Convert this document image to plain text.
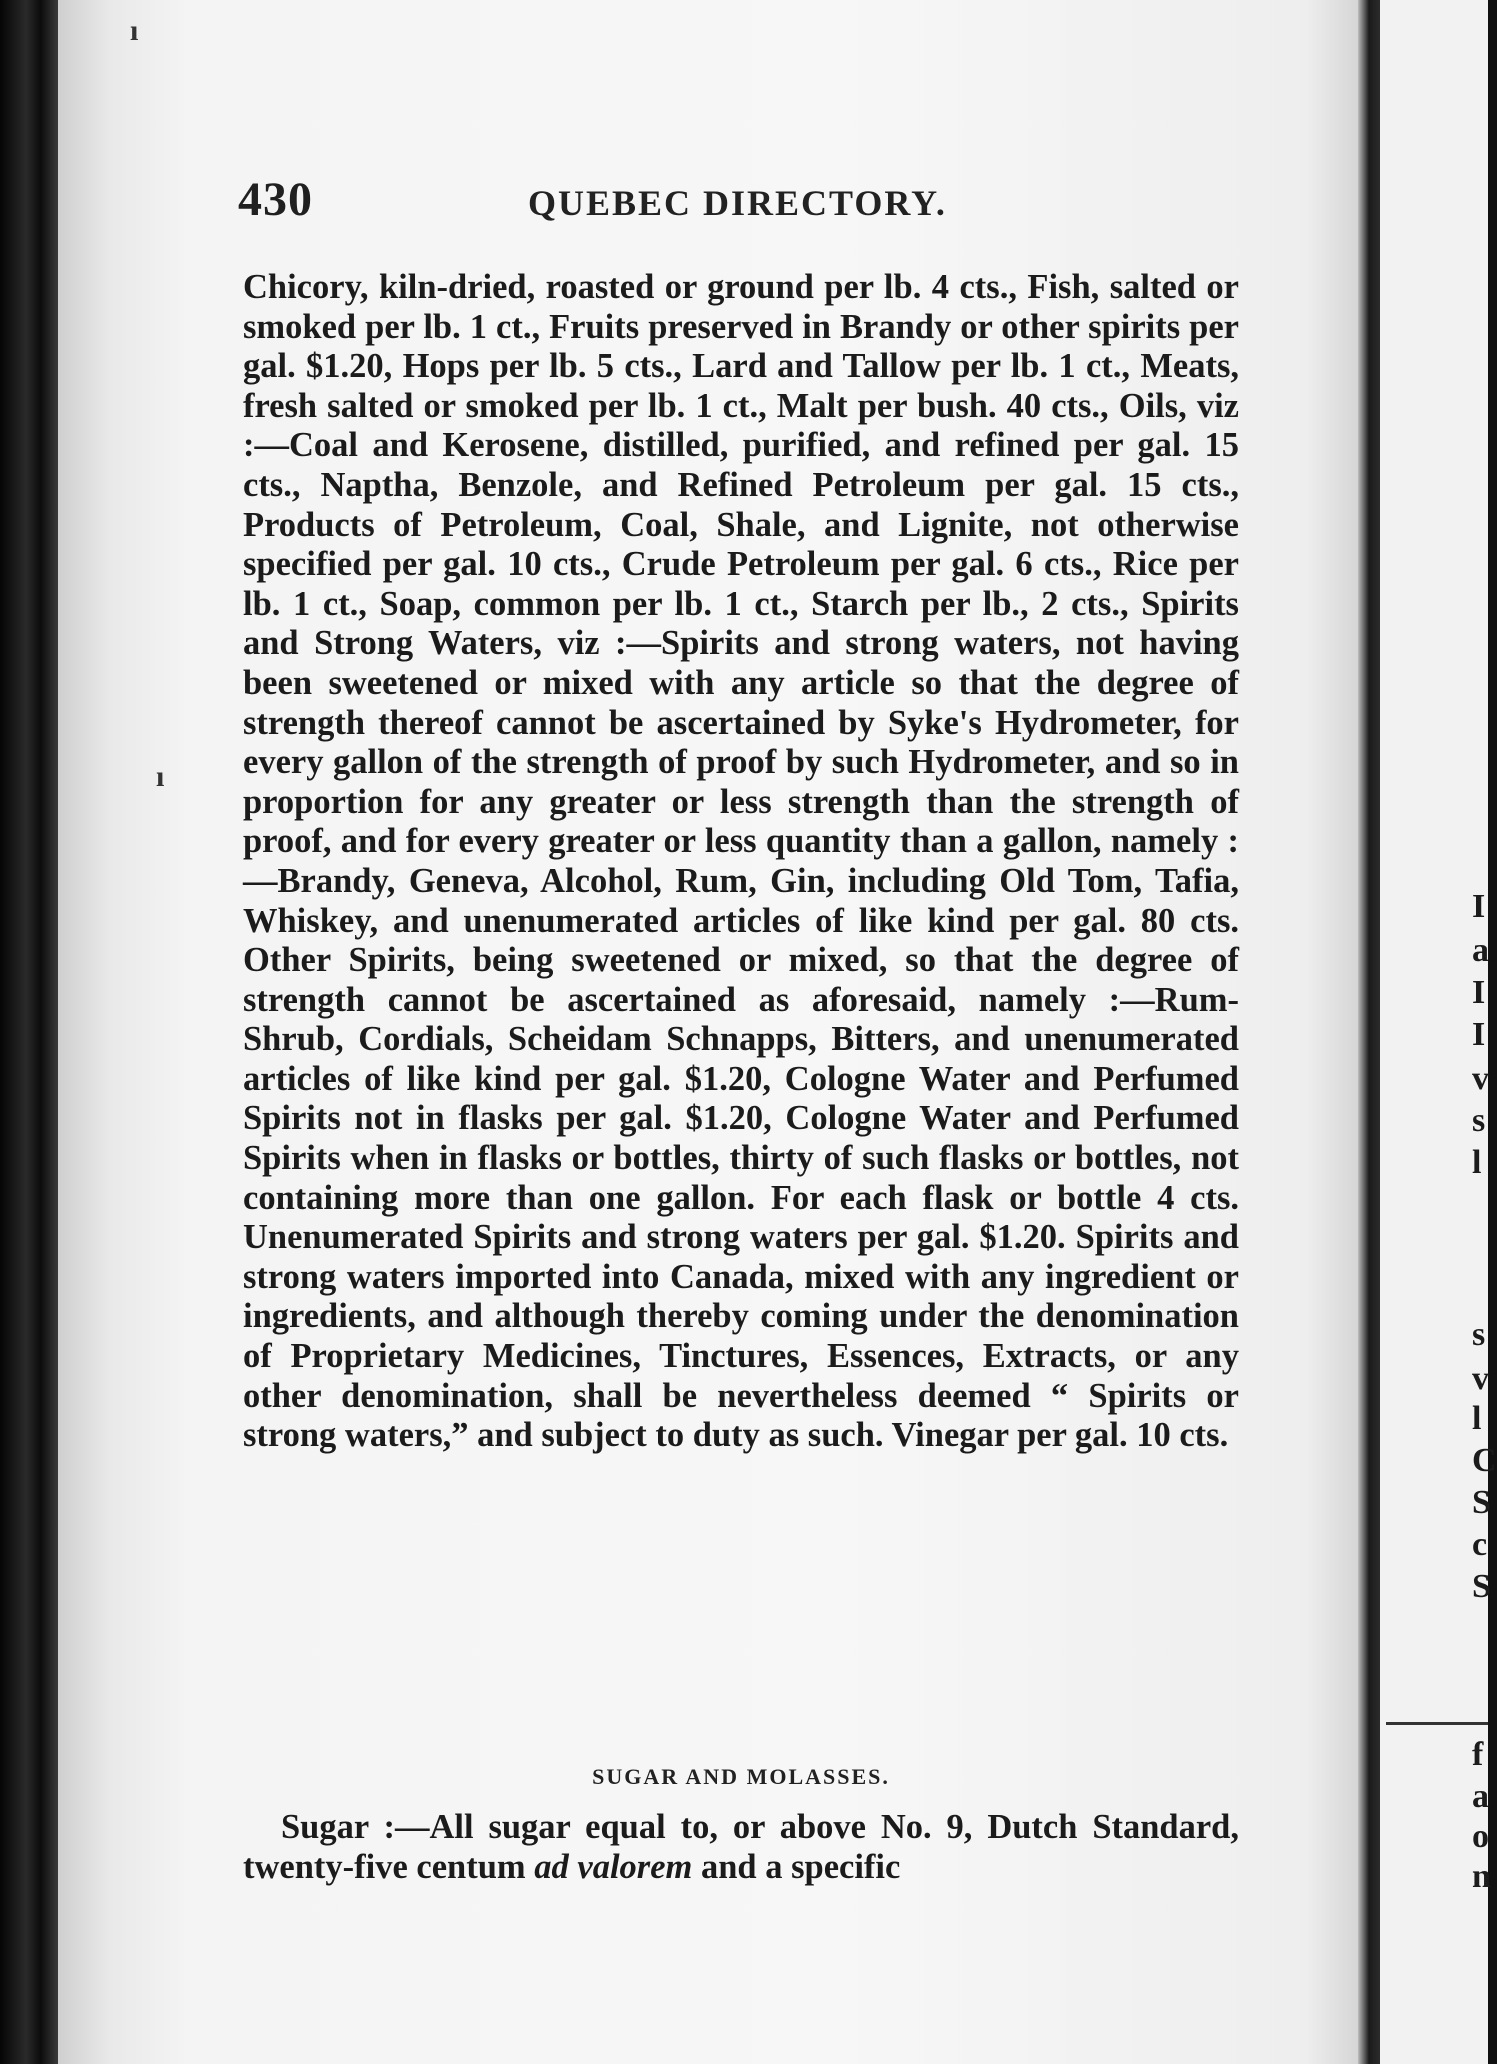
430	QUEBEC DIRECTORY.

Chicory, kiln-dried, roasted or ground per lb. 4 cts., Fish, salted or smoked per lb. 1 ct., Fruits preserved in Brandy or other spirits per gal. $1.20, Hops per lb. 5 cts., Lard and Tallow per lb. 1 ct., Meats, fresh salted or smoked per lb. 1 ct., Malt per bush. 40 cts., Oils, viz :—Coal and Kerosene, distilled, purified, and refined per gal. 15 cts., Naptha, Benzole, and Refined Petroleum per gal. 15 cts., Products of Petroleum, Coal, Shale, and Lignite, not otherwise specified per gal. 10 cts., Crude Petroleum per gal. 6 cts., Rice per lb. 1 ct., Soap, common per lb. 1 ct., Starch per lb., 2 cts., Spirits and Strong Waters, viz :—Spirits and strong waters, not having been sweetened or mixed with any article so that the degree of strength thereof cannot be ascertained by Syke's Hydrometer, for every gallon of the strength of proof by such Hydrometer, and so in proportion for any greater or less strength than the strength of proof, and for every greater or less quantity than a gallon, namely :—Brandy, Geneva, Alcohol, Rum, Gin, including Old Tom, Tafia, Whiskey, and unenumerated articles of like kind per gal. 80 cts. Other Spirits, being sweetened or mixed, so that the degree of strength cannot be ascertained as aforesaid, namely :—Rum-Shrub, Cordials, Scheidam Schnapps, Bitters, and unenumerated articles of like kind per gal. $1.20, Cologne Water and Perfumed Spirits not in flasks per gal. $1.20, Cologne Water and Perfumed Spirits when in flasks or bottles, thirty of such flasks or bottles, not containing more than one gallon. For each flask or bottle 4 cts. Unenumerated Spirits and strong waters per gal. $1.20. Spirits and strong waters imported into Canada, mixed with any ingredient or ingredients, and although thereby coming under the denomination of Proprietary Medicines, Tinctures, Essences, Extracts, or any other denomination, shall be nevertheless deemed “ Spirits or strong waters,” and subject to duty as such. Vinegar per gal. 10 cts.

SUGAR AND MOLASSES.
Sugar :—All sugar equal to, or above No. 9, Dutch Standard, twenty-five centum ad valorem and a specific
ı
ı
I
a
I
I
v
s
l
s
v
l
C
S
c
S
f
a
o
n
